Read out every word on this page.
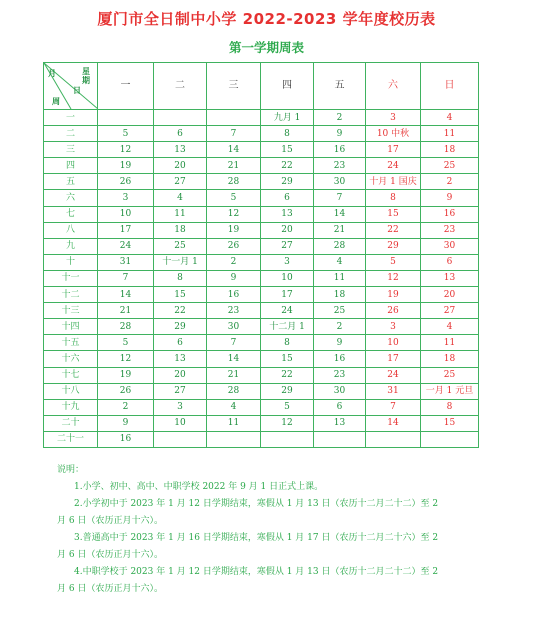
厦门市全日制中小学 2022-2023 学年度校历表
第一学期周表
月 星
期
日
周	一	二	三	四	五	六	日
一				九月 1	2	3	4
二	5	6	7	8	9	10 中秋	11
三	12	13	14	15	16	17	18
四	19	20	21	22	23	24	25
五	26	27	28	29	30	十月 1 国庆	2
六	3	4	5	6	7	8	9
七	10	11	12	13	14	15	16
八	17	18	19	20	21	22	23
九	24	25	26	27	28	29	30
十	31	十一月 1	2	3	4	5	6
十一	7	8	9	10	11	12	13
十二	14	15	16	17	18	19	20
十三	21	22	23	24	25	26	27
十四	28	29	30	十二月 1	2	3	4
十五	5	6	7	8	9	10	11
十六	12	13	14	15	16	17	18
十七	19	20	21	22	23	24	25
十八	26	27	28	29	30	31	一月 1 元旦
十九	2	3	4	5	6	7	8
二十	9	10	11	12	13	14	15
二十一	16						

说明：

1.小学、初中、高中、中职学校 2022 年 9 月 1 日正式上课。

2.小学初中于 2023 年 1 月 12 日学期结束，寒假从 1 月 13 日（农历十二月二十二）至 2

月 6 日（农历正月十六）。

3.普通高中于 2023 年 1 月 16 日学期结束，寒假从 1 月 17 日（农历十二月二十六）至 2

月 6 日（农历正月十六）。

4.中职学校于 2023 年 1 月 12 日学期结束，寒假从 1 月 13 日（农历十二月二十二）至 2

月 6 日（农历正月十六）。
